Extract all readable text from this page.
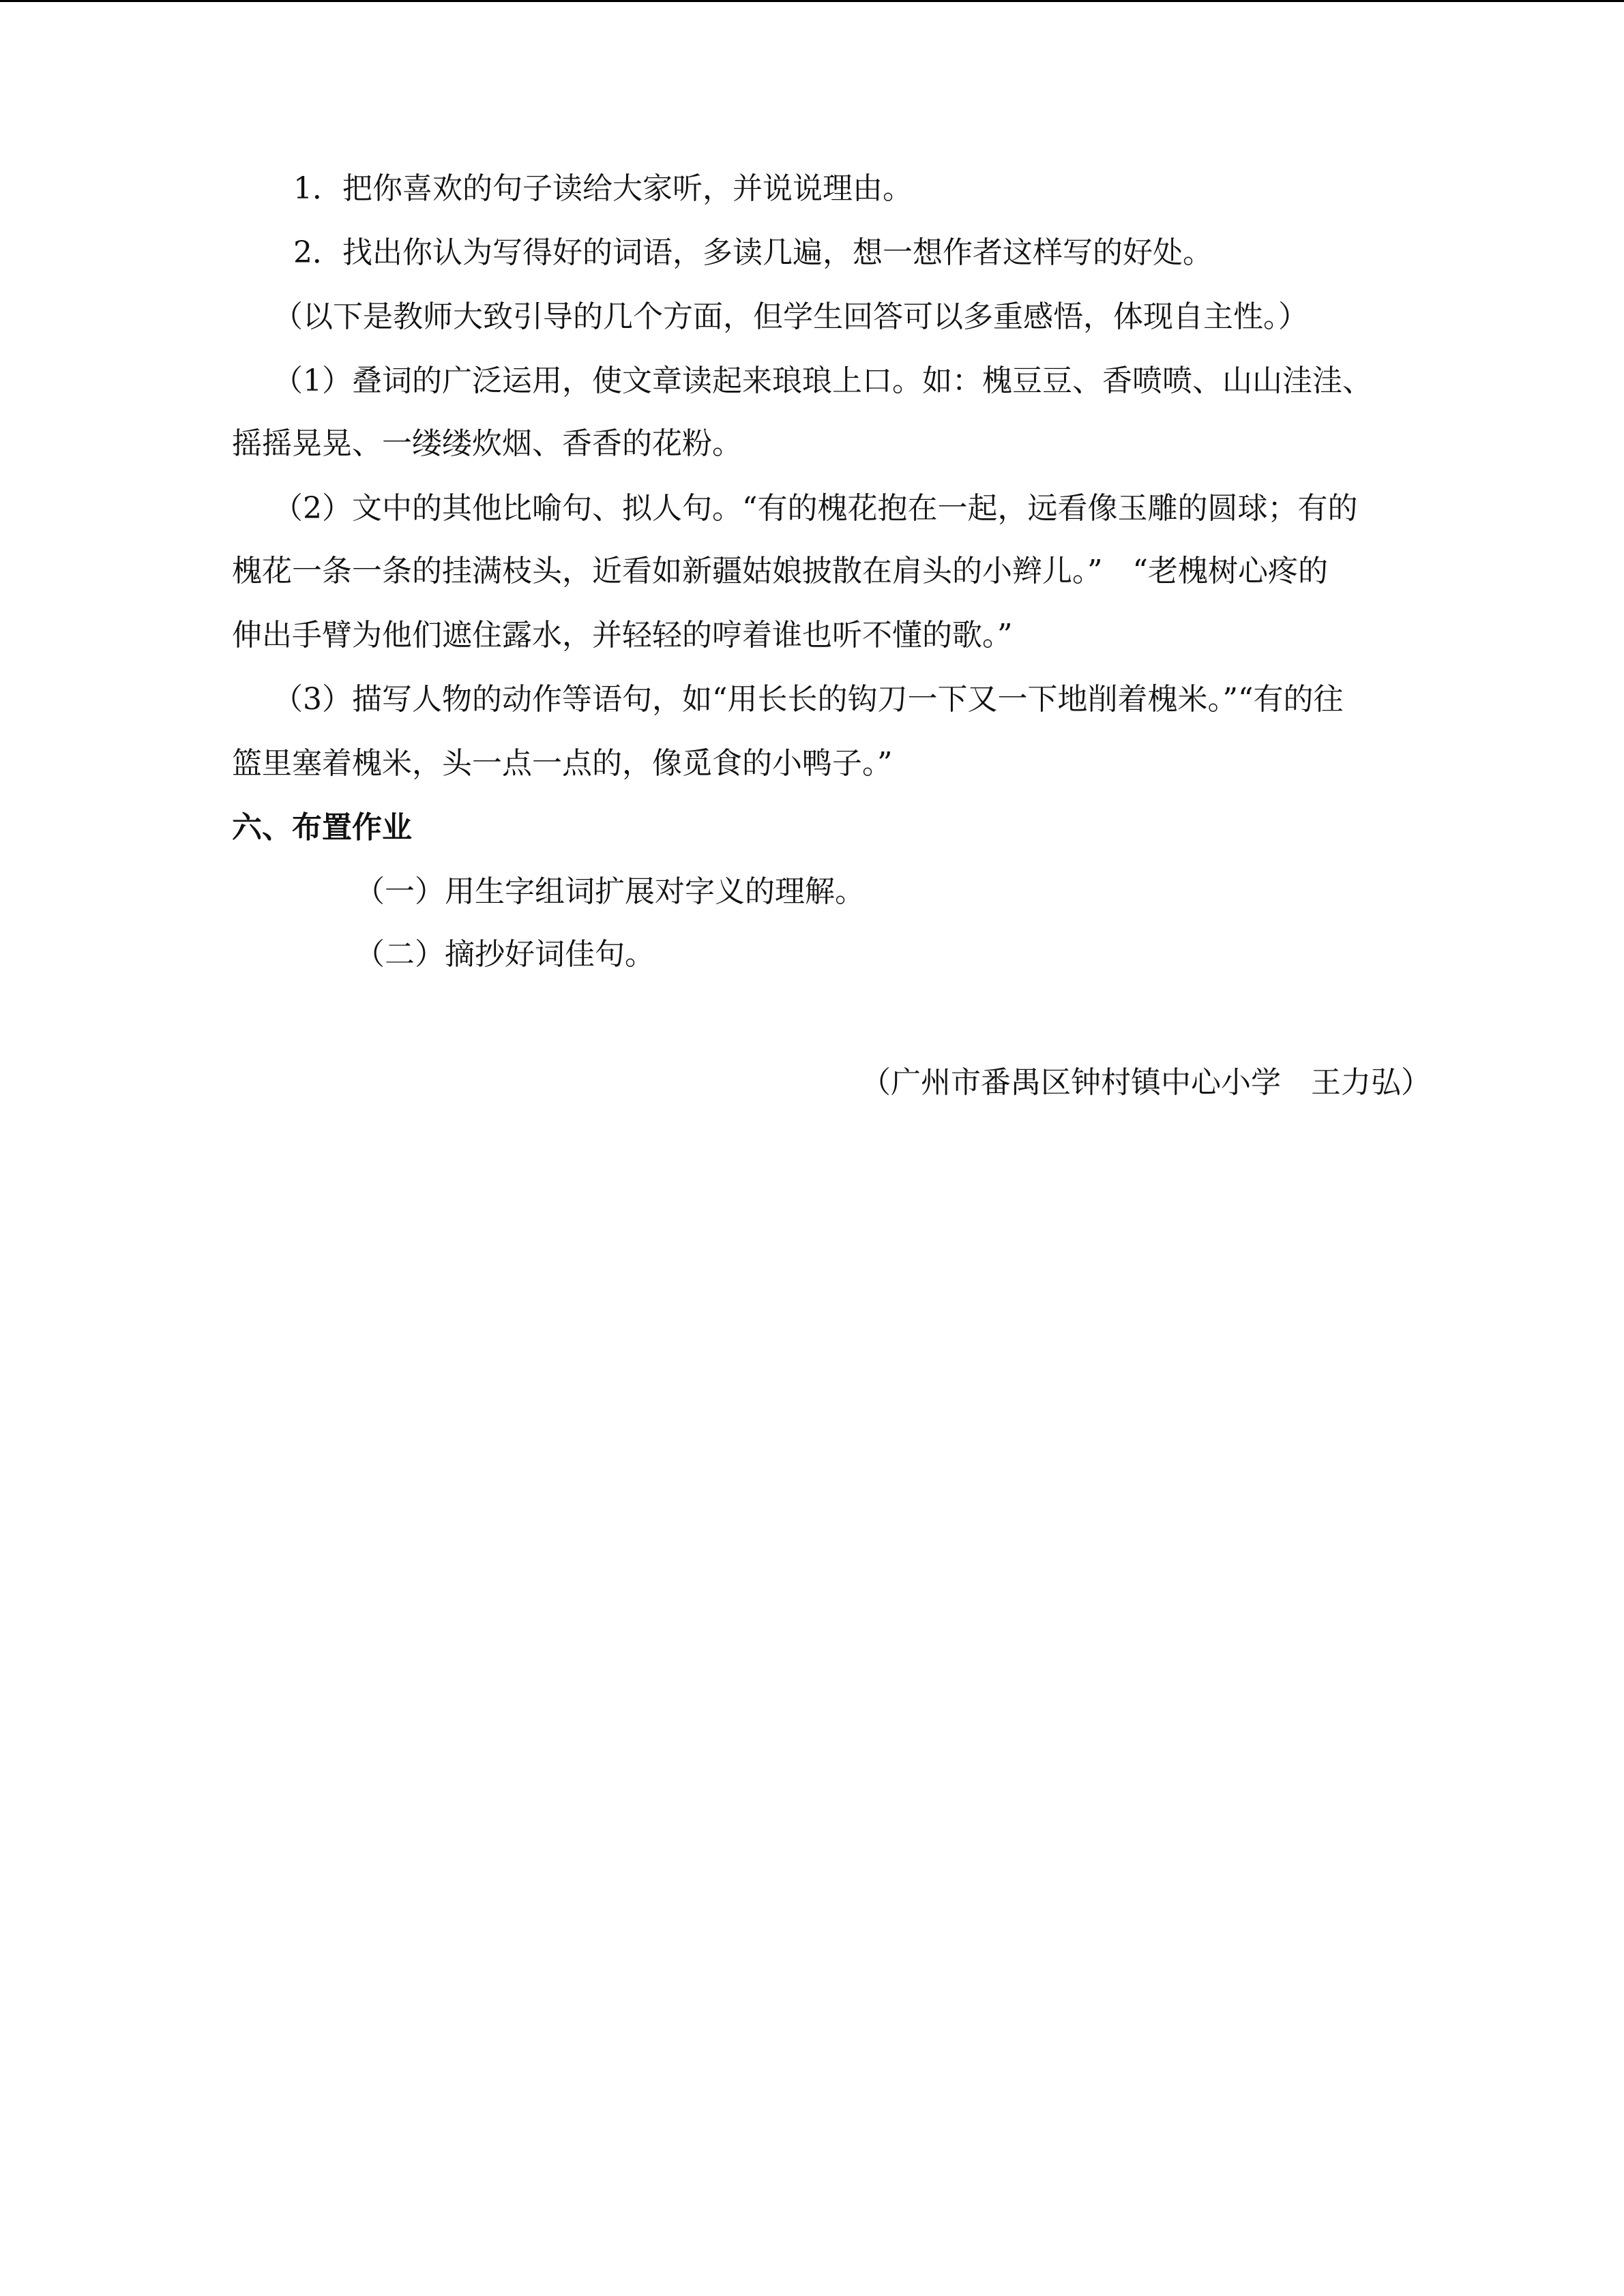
1．把你喜欢的句子读给大家听，并说说理由。
2．找出你认为写得好的词语，多读几遍，想一想作者这样写的好处。
（以下是教师大致引导的几个方面，但学生回答可以多重感悟，体现自主性。）
（1）叠词的广泛运用，使文章读起来琅琅上口。如：槐豆豆、香喷喷、山山洼洼、
摇摇晃晃、一缕缕炊烟、香香的花粉。
（2）文中的其他比喻句、拟人句。“有的槐花抱在一起，远看像玉雕的圆球；有的
槐花一条一条的挂满枝头，近看如新疆姑娘披散在肩头的小辫儿。”　“老槐树心疼的
伸出手臂为他们遮住露水，并轻轻的哼着谁也听不懂的歌。”
（3）描写人物的动作等语句，如“用长长的钩刀一下又一下地削着槐米。”“有的往
篮里塞着槐米，头一点一点的，像觅食的小鸭子。”
六、布置作业
（一）用生字组词扩展对字义的理解。
（二）摘抄好词佳句。
（广州市番禺区钟村镇中心小学　王力弘）
